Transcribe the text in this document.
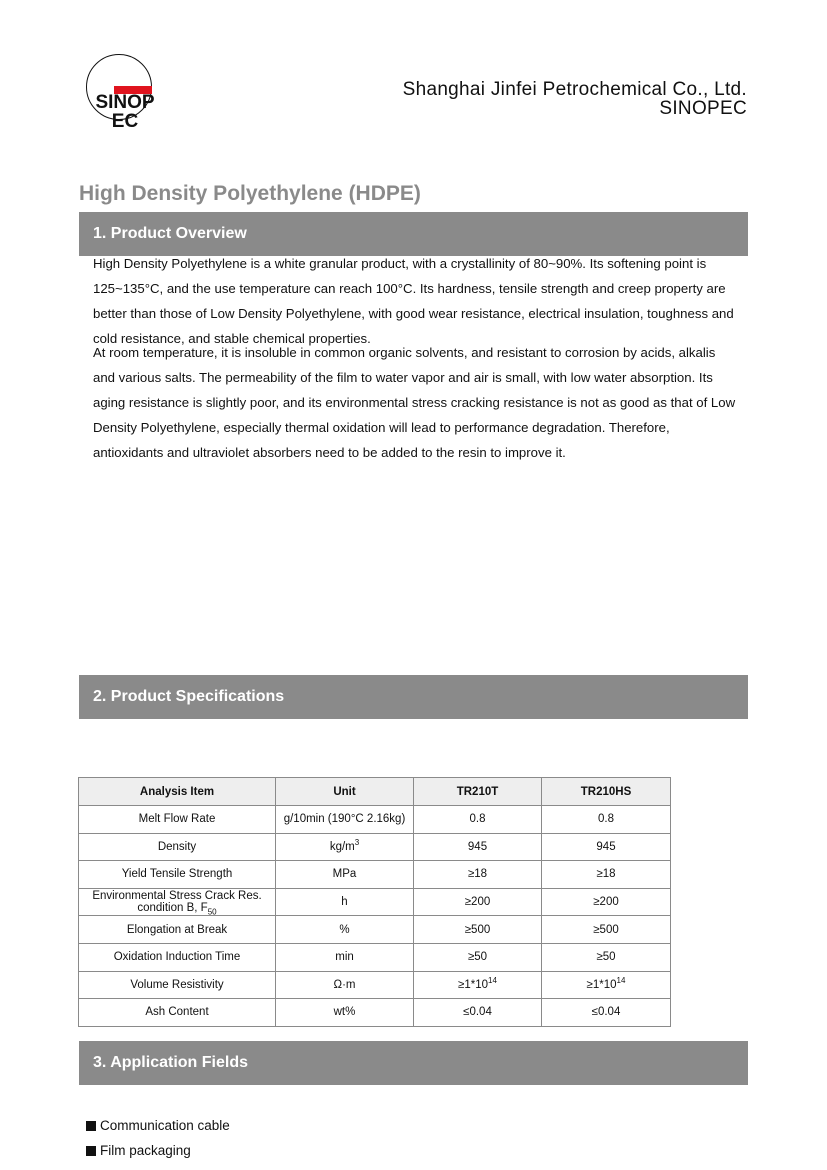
SINOP
EC
Shanghai Jinfei Petrochemical Co., Ltd.
SINOPEC
High Density Polyethylene (HDPE)
1. Product Overview
High Density Polyethylene is a white granular product, with a crystallinity of 80~90%. Its softening point is 125~135°C, and the use temperature can reach 100°C. Its hardness, tensile strength and creep property are better than those of Low Density Polyethylene, with good wear resistance, electrical insulation, toughness and cold resistance, and stable chemical properties.
At room temperature, it is insoluble in common organic solvents, and resistant to corrosion by acids, alkalis and various salts. The permeability of the film to water vapor and air is small, with low water absorption. Its aging resistance is slightly poor, and its environmental stress cracking resistance is not as good as that of Low Density Polyethylene, especially thermal oxidation will lead to performance degradation. Therefore, antioxidants and ultraviolet absorbers need to be added to the resin to improve it.
2. Product Specifications
Analysis Item	Unit	TR210T	TR210HS
Melt Flow Rate	g/10min (190°C 2.16kg)	0.8	0.8
Density	$kg/m^3$	945	945
Yield Tensile Strength	MPa	≥18	≥18
Environmental Stress Crack Res. condition B, $F_{50}$	h	≥200	≥200
Elongation at Break	%	≥500	≥500
Oxidation Induction Time	min	≥50	≥50
Volume Resistivity	Ω·m	$\ge 1*10^{14}$	$\ge 1*10^{14}$
Ash Content	wt%	≤0.04	≤0.04
3. Application Fields
Communication cable
Film packaging
